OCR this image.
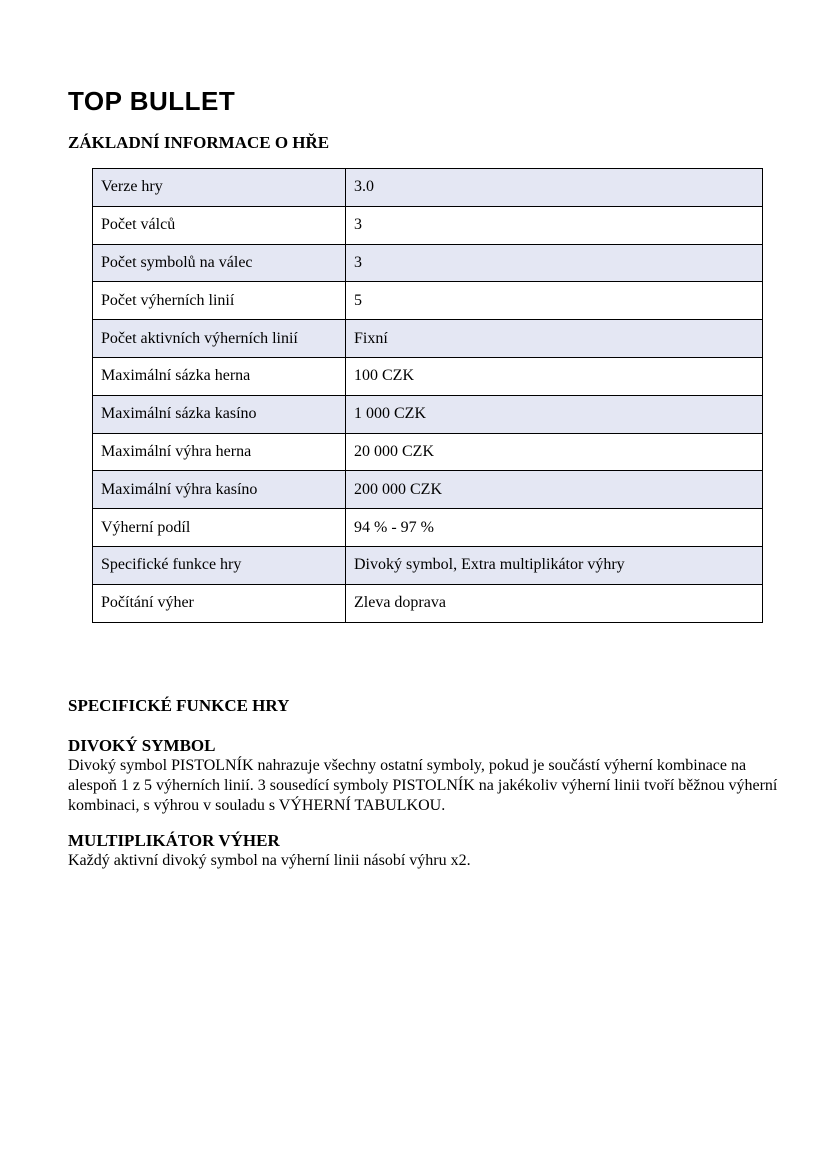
TOP BULLET
ZÁKLADNÍ INFORMACE O HŘE
Verze hry	3.0
Počet válců	3
Počet symbolů na válec	3
Počet výherních linií	5
Počet aktivních výherních linií	Fixní
Maximální sázka herna	100 CZK
Maximální sázka kasíno	1 000 CZK
Maximální výhra herna	20 000 CZK
Maximální výhra kasíno	200 000 CZK
Výherní podíl	94 % - 97 %
Specifické funkce hry	Divoký symbol, Extra multiplikátor výhry
Počítání výher	Zleva doprava
SPECIFICKÉ FUNKCE HRY
DIVOKÝ SYMBOL

Divoký symbol PISTOLNÍK nahrazuje všechny ostatní symboly, pokud je součástí výherní kombinace na alespoň 1 z 5 výherních linií. 3 sousedící symboly PISTOLNÍK na jakékoliv výherní linii tvoří běžnou výherní kombinaci, s výhrou v souladu s VÝHERNÍ TABULKOU.

MULTIPLIKÁTOR VÝHER

Každý aktivní divoký symbol na výherní linii násobí výhru x2.
